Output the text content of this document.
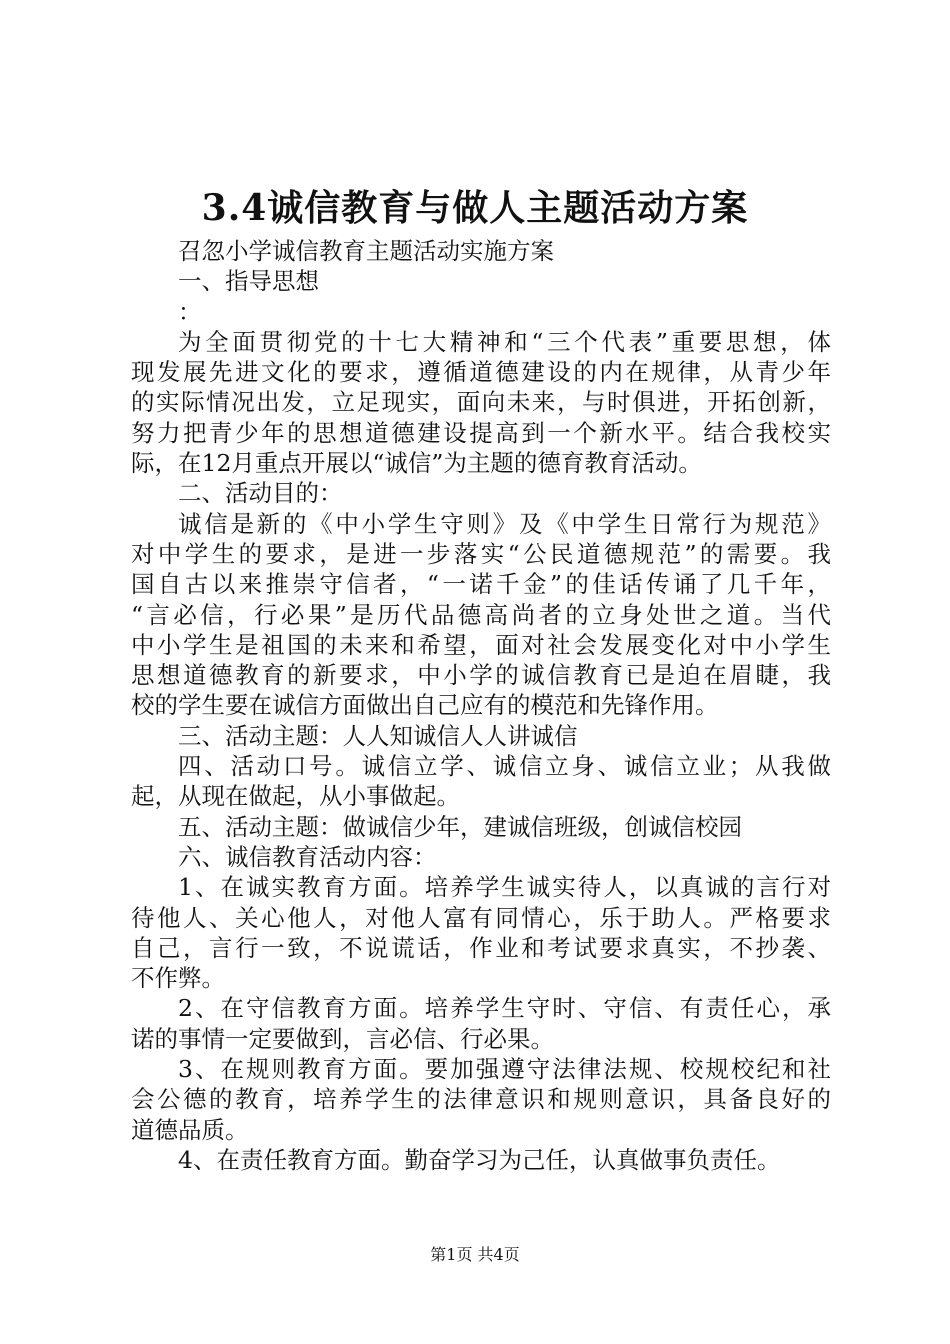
3.4诚信教育与做人主题活动方案

召忽小学诚信教育主题活动实施方案

一、指导思想

：

为全面贯彻党的十七大精神和“三个代表”重要思想，体

现发展先进文化的要求，遵循道德建设的内在规律，从青少年

的实际情况出发，立足现实，面向未来，与时俱进，开拓创新，

努力把青少年的思想道德建设提高到一个新水平。结合我校实

际，在12月重点开展以“诚信”为主题的德育教育活动。

二、活动目的：

诚信是新的《中小学生守则》及《中学生日常行为规范》

对中学生的要求，是进一步落实“公民道德规范”的需要。我

国自古以来推崇守信者，“一诺千金”的佳话传诵了几千年，

“言必信，行必果”是历代品德高尚者的立身处世之道。当代

中小学生是祖国的未来和希望，面对社会发展变化对中小学生

思想道德教育的新要求，中小学的诚信教育已是迫在眉睫，我

校的学生要在诚信方面做出自己应有的模范和先锋作用。

三、活动主题：人人知诚信人人讲诚信

四、活动口号。诚信立学、诚信立身、诚信立业；从我做

起，从现在做起，从小事做起。

五、活动主题：做诚信少年，建诚信班级，创诚信校园

六、诚信教育活动内容：

1、在诚实教育方面。培养学生诚实待人，以真诚的言行对

待他人、关心他人，对他人富有同情心，乐于助人。严格要求

自己，言行一致，不说谎话，作业和考试要求真实，不抄袭、

不作弊。

2、在守信教育方面。培养学生守时、守信、有责任心，承

诺的事情一定要做到，言必信、行必果。

3、在规则教育方面。要加强遵守法律法规、校规校纪和社

会公德的教育，培养学生的法律意识和规则意识，具备良好的

道德品质。

4、在责任教育方面。勤奋学习为己任，认真做事负责任。

第1页 共4页
